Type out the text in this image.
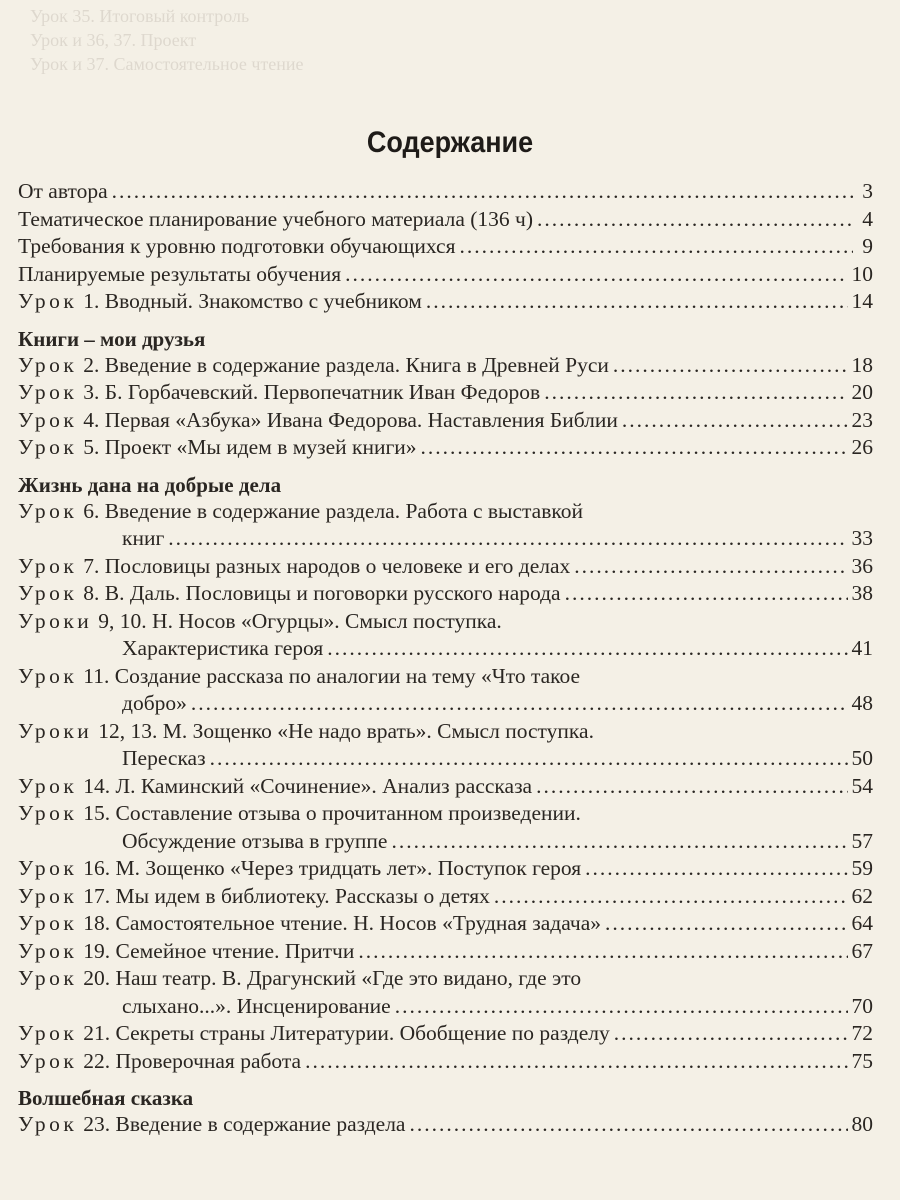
Урок 35. Итоговый контроль
Урок и 36, 37. Проект
Урок и 37. Самостоятельное чтение
Содержание
От автора .....	3
Тематическое планирование учебного материала (136 ч) .....	4
Требования к уровню подготовки обучающихся .....	9
Планируемые результаты обучения .....	10
Урок 1. Вводный. Знакомство с учебником .....	14
Книги – мои друзья
Урок 2. Введение в содержание раздела. Книга в Древней Руси .....	18
Урок 3. Б. Горбачевский. Первопечатник Иван Федоров .....	20
Урок 4. Первая «Азбука» Ивана Федорова. Наставления Библии .....	23
Урок 5. Проект «Мы идем в музей книги» .....	26
Жизнь дана на добрые дела
Урок 6. Введение в содержание раздела. Работа с выставкой
книг .....	33
Урок 7. Пословицы разных народов о человеке и его делах .....	36
Урок 8. В. Даль. Пословицы и поговорки русского народа .....	38
Уроки 9, 10. Н. Носов «Огурцы». Смысл поступка.
Характеристика героя .....	41
Урок 11. Создание рассказа по аналогии на тему «Что такое
добро» .....	48
Уроки 12, 13. М. Зощенко «Не надо врать». Смысл поступка.
Пересказ .....	50
Урок 14. Л. Каминский «Сочинение». Анализ рассказа .....	54
Урок 15. Составление отзыва о прочитанном произведении.
Обсуждение отзыва в группе .....	57
Урок 16. М. Зощенко «Через тридцать лет». Поступок героя .....	59
Урок 17. Мы идем в библиотеку. Рассказы о детях .....	62
Урок 18. Самостоятельное чтение. Н. Носов «Трудная задача» .....	64
Урок 19. Семейное чтение. Притчи .....	67
Урок 20. Наш театр. В. Драгунский «Где это видано, где это
слыхано...». Инсценирование .....	70
Урок 21. Секреты страны Литературии. Обобщение по разделу .....	72
Урок 22. Проверочная работа .....	75
Волшебная сказка
Урок 23. Введение в содержание раздела .....	80
